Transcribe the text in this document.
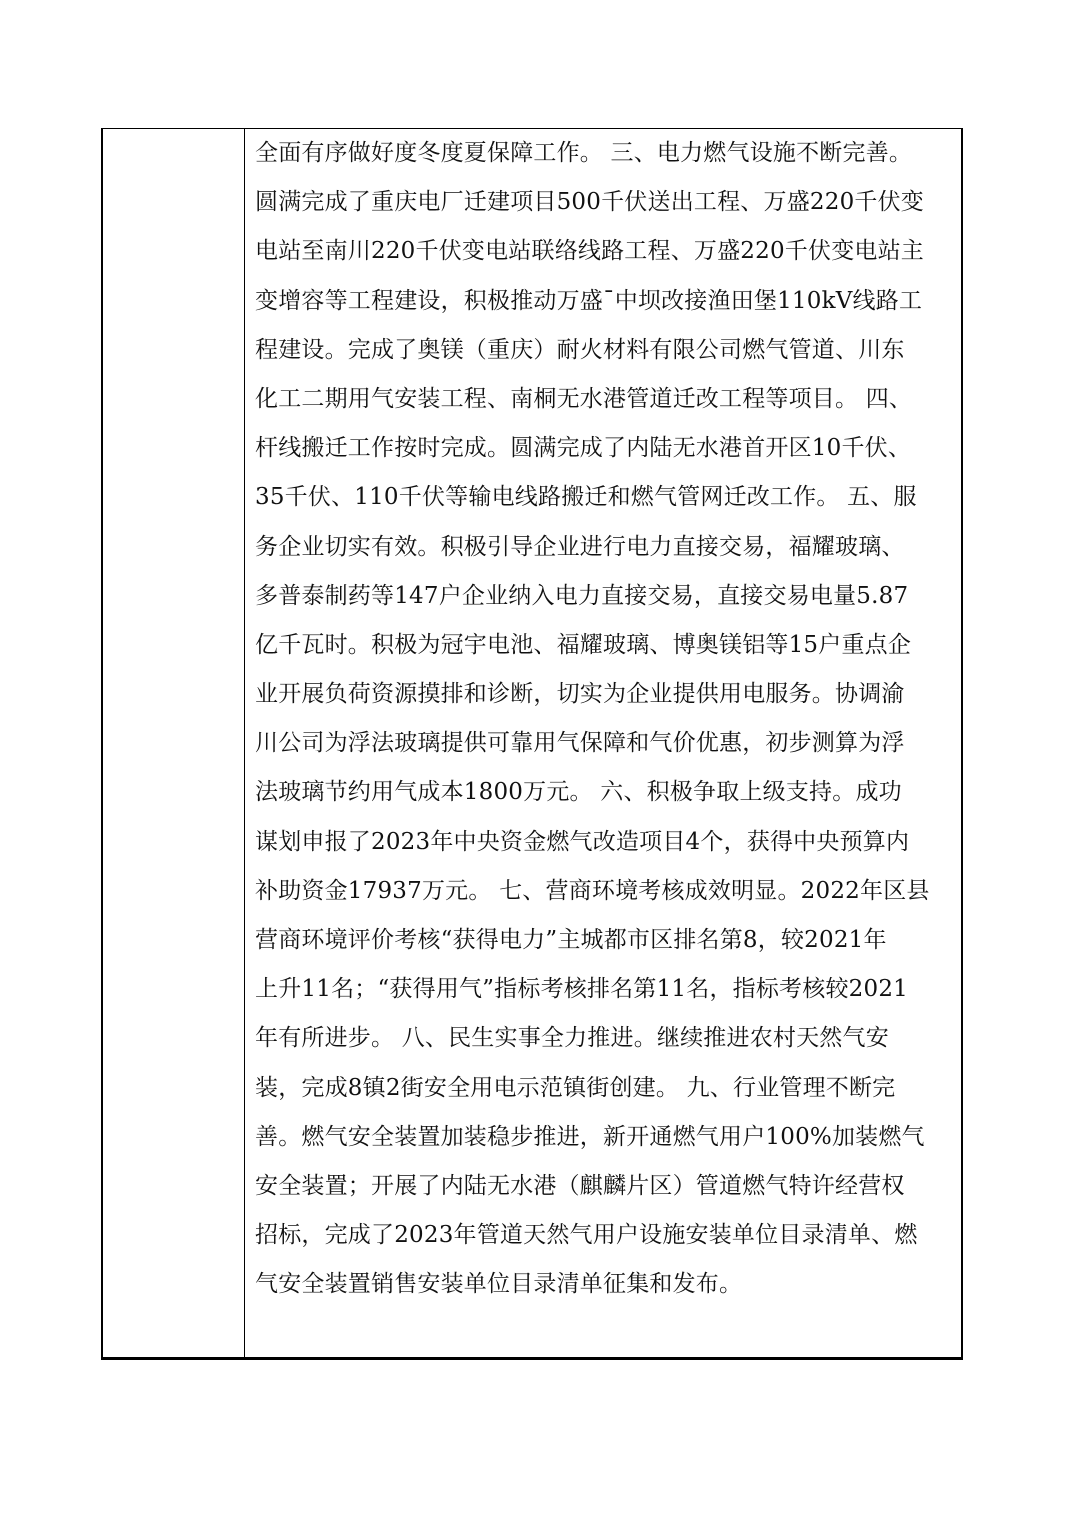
全面有序做好度冬度夏保障工作。 三、电力燃气设施不断完善。
圆满完成了重庆电厂迁建项目500千伏送出工程、万盛220千伏变
电站至南川220千伏变电站联络线路工程、万盛220千伏变电站主
变增容等工程建设，积极推动万盛¯中坝改接渔田堡110kV线路工
程建设。完成了奥镁（重庆）耐火材料有限公司燃气管道、川东
化工二期用气安装工程、南桐无水港管道迁改工程等项目。 四、
杆线搬迁工作按时完成。圆满完成了内陆无水港首开区10千伏、
35千伏、110千伏等输电线路搬迁和燃气管网迁改工作。 五、服
务企业切实有效。积极引导企业进行电力直接交易，福耀玻璃、
多普泰制药等147户企业纳入电力直接交易，直接交易电量5.87
亿千瓦时。积极为冠宇电池、福耀玻璃、博奥镁铝等15户重点企
业开展负荷资源摸排和诊断，切实为企业提供用电服务。协调渝
川公司为浮法玻璃提供可靠用气保障和气价优惠，初步测算为浮
法玻璃节约用气成本1800万元。 六、积极争取上级支持。成功
谋划申报了2023年中央资金燃气改造项目4个，获得中央预算内
补助资金17937万元。 七、营商环境考核成效明显。2022年区县
营商环境评价考核“获得电力”主城都市区排名第8，较2021年
上升11名；“获得用气”指标考核排名第11名，指标考核较2021
年有所进步。 八、民生实事全力推进。继续推进农村天然气安
装，完成8镇2街安全用电示范镇街创建。 九、行业管理不断完
善。燃气安全装置加装稳步推进，新开通燃气用户100%加装燃气
安全装置；开展了内陆无水港（麒麟片区）管道燃气特许经营权
招标，完成了2023年管道天然气用户设施安装单位目录清单、燃
气安全装置销售安装单位目录清单征集和发布。
